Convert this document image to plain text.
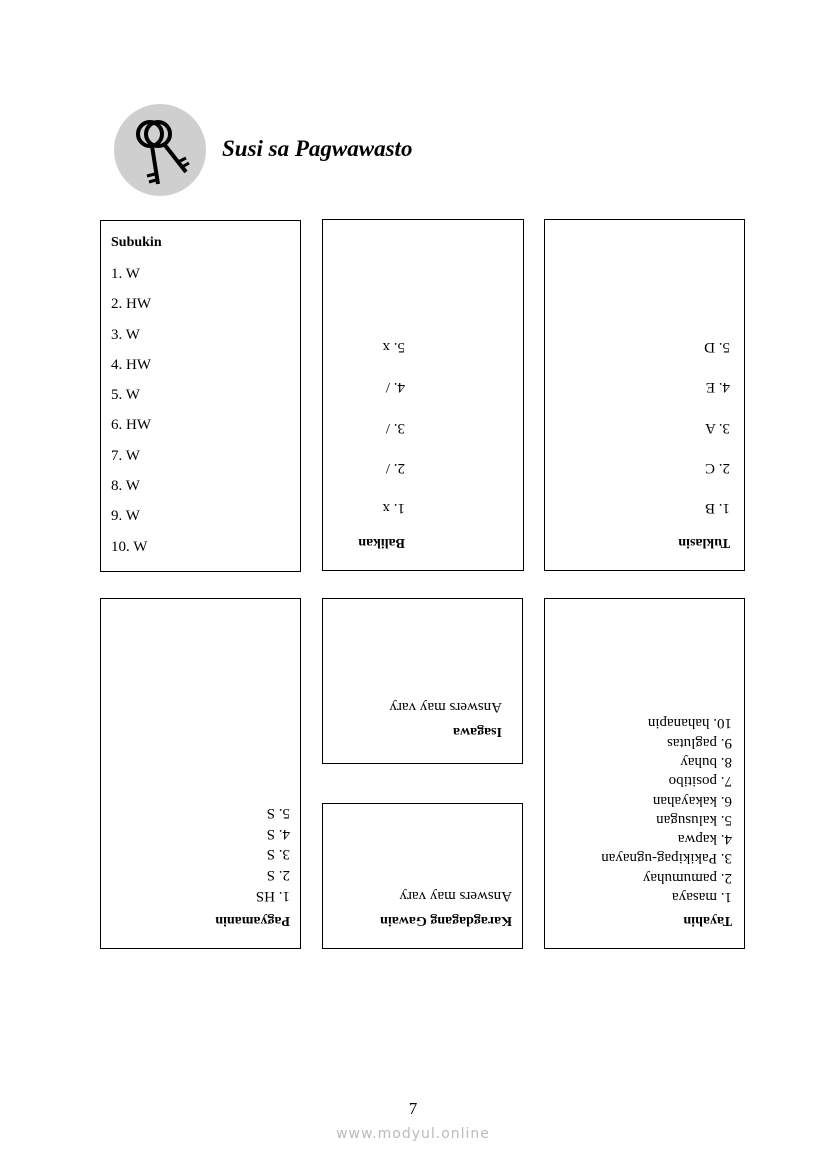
Susi sa Pagwawasto
Subukin
1. W
2. HW
3. W
4. HW
5. W
6. HW
7. W
8. W
9. W
10. W	Balikan
1. x
2. /
3. /
4. /
5. x
Tuklasin
1. B
2. C
3. A
4. E
5. D
Pagyamanin
1. HS
2. S
3. S
4. S
5. S
Isagawa
Answers may vary
Karagdagang Gawain
Answers may vary
Tayahin
1. masaya
2. pamumuhay
3. Pakikipag-ugnayan
4. kapwa
5. kalusugan
6. kakayahan
7. positibo
8. buhay
9. paglutas
10. hahanapin
7
www.modyul.online
